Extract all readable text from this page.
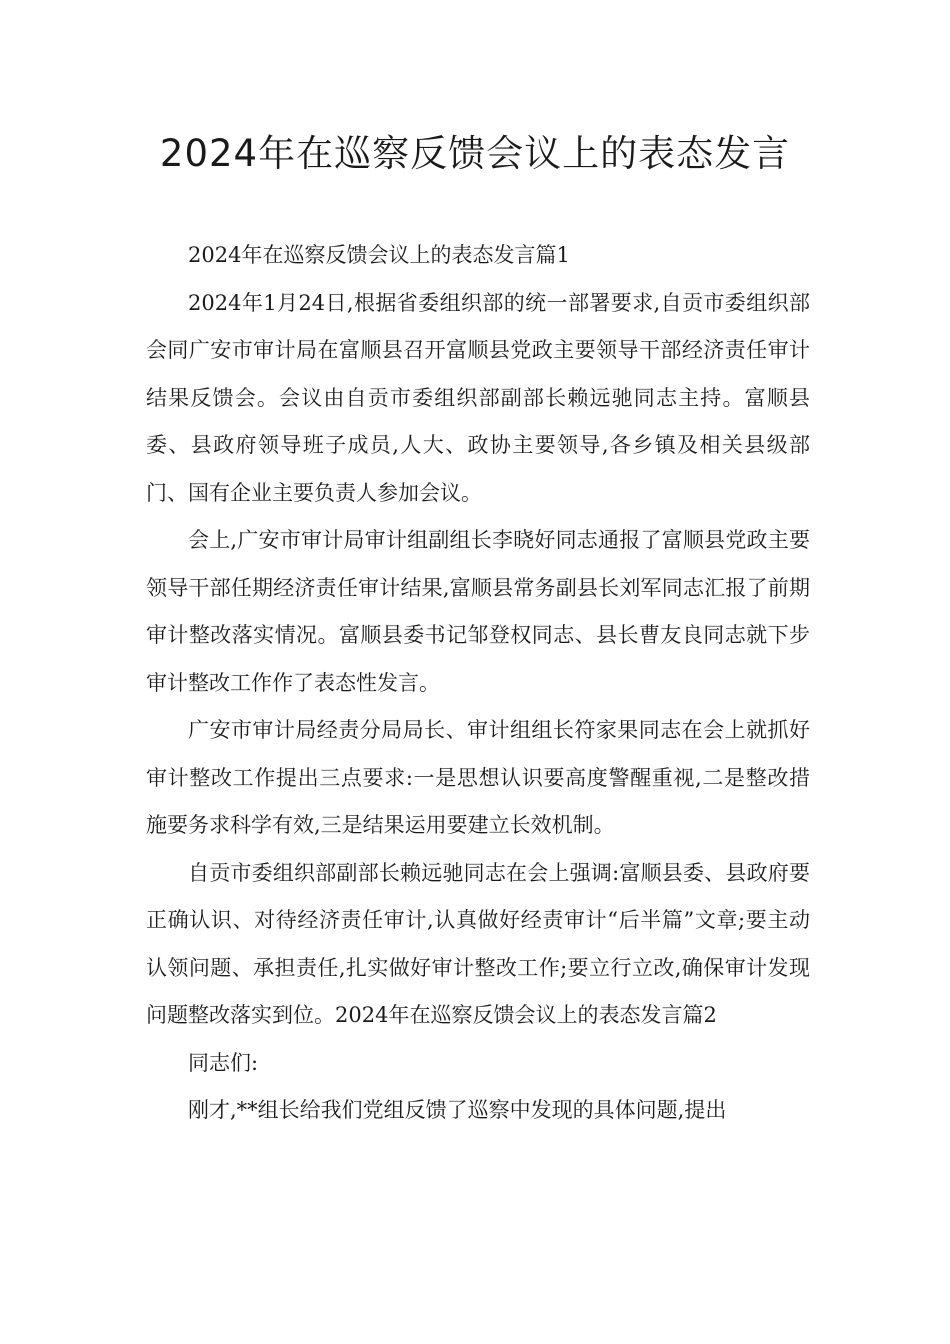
2024年在巡察反馈会议上的表态发言

2024年在巡察反馈会议上的表态发言篇1

2024年1月24日,根据省委组织部的统一部署要求,自贡市委组织部会同广安市审计局在富顺县召开富顺县党政主要领导干部经济责任审计结果反馈会。会议由自贡市委组织部副部长赖远驰同志主持。富顺县委、县政府领导班子成员,人大、政协主要领导,各乡镇及相关县级部门、国有企业主要负责人参加会议。

会上,广安市审计局审计组副组长李晓好同志通报了富顺县党政主要领导干部任期经济责任审计结果,富顺县常务副县长刘军同志汇报了前期审计整改落实情况。富顺县委书记邹登权同志、县长曹友良同志就下步审计整改工作作了表态性发言。

广安市审计局经责分局局长、审计组组长符家果同志在会上就抓好审计整改工作提出三点要求:一是思想认识要高度警醒重视,二是整改措施要务求科学有效,三是结果运用要建立长效机制。

自贡市委组织部副部长赖远驰同志在会上强调:富顺县委、县政府要正确认识、对待经济责任审计,认真做好经责审计“后半篇”文章;要主动认领问题、承担责任,扎实做好审计整改工作;要立行立改,确保审计发现问题整改落实到位。2024年在巡察反馈会议上的表态发言篇2

同志们:

刚才,**组长给我们党组反馈了巡察中发现的具体问题,提出
